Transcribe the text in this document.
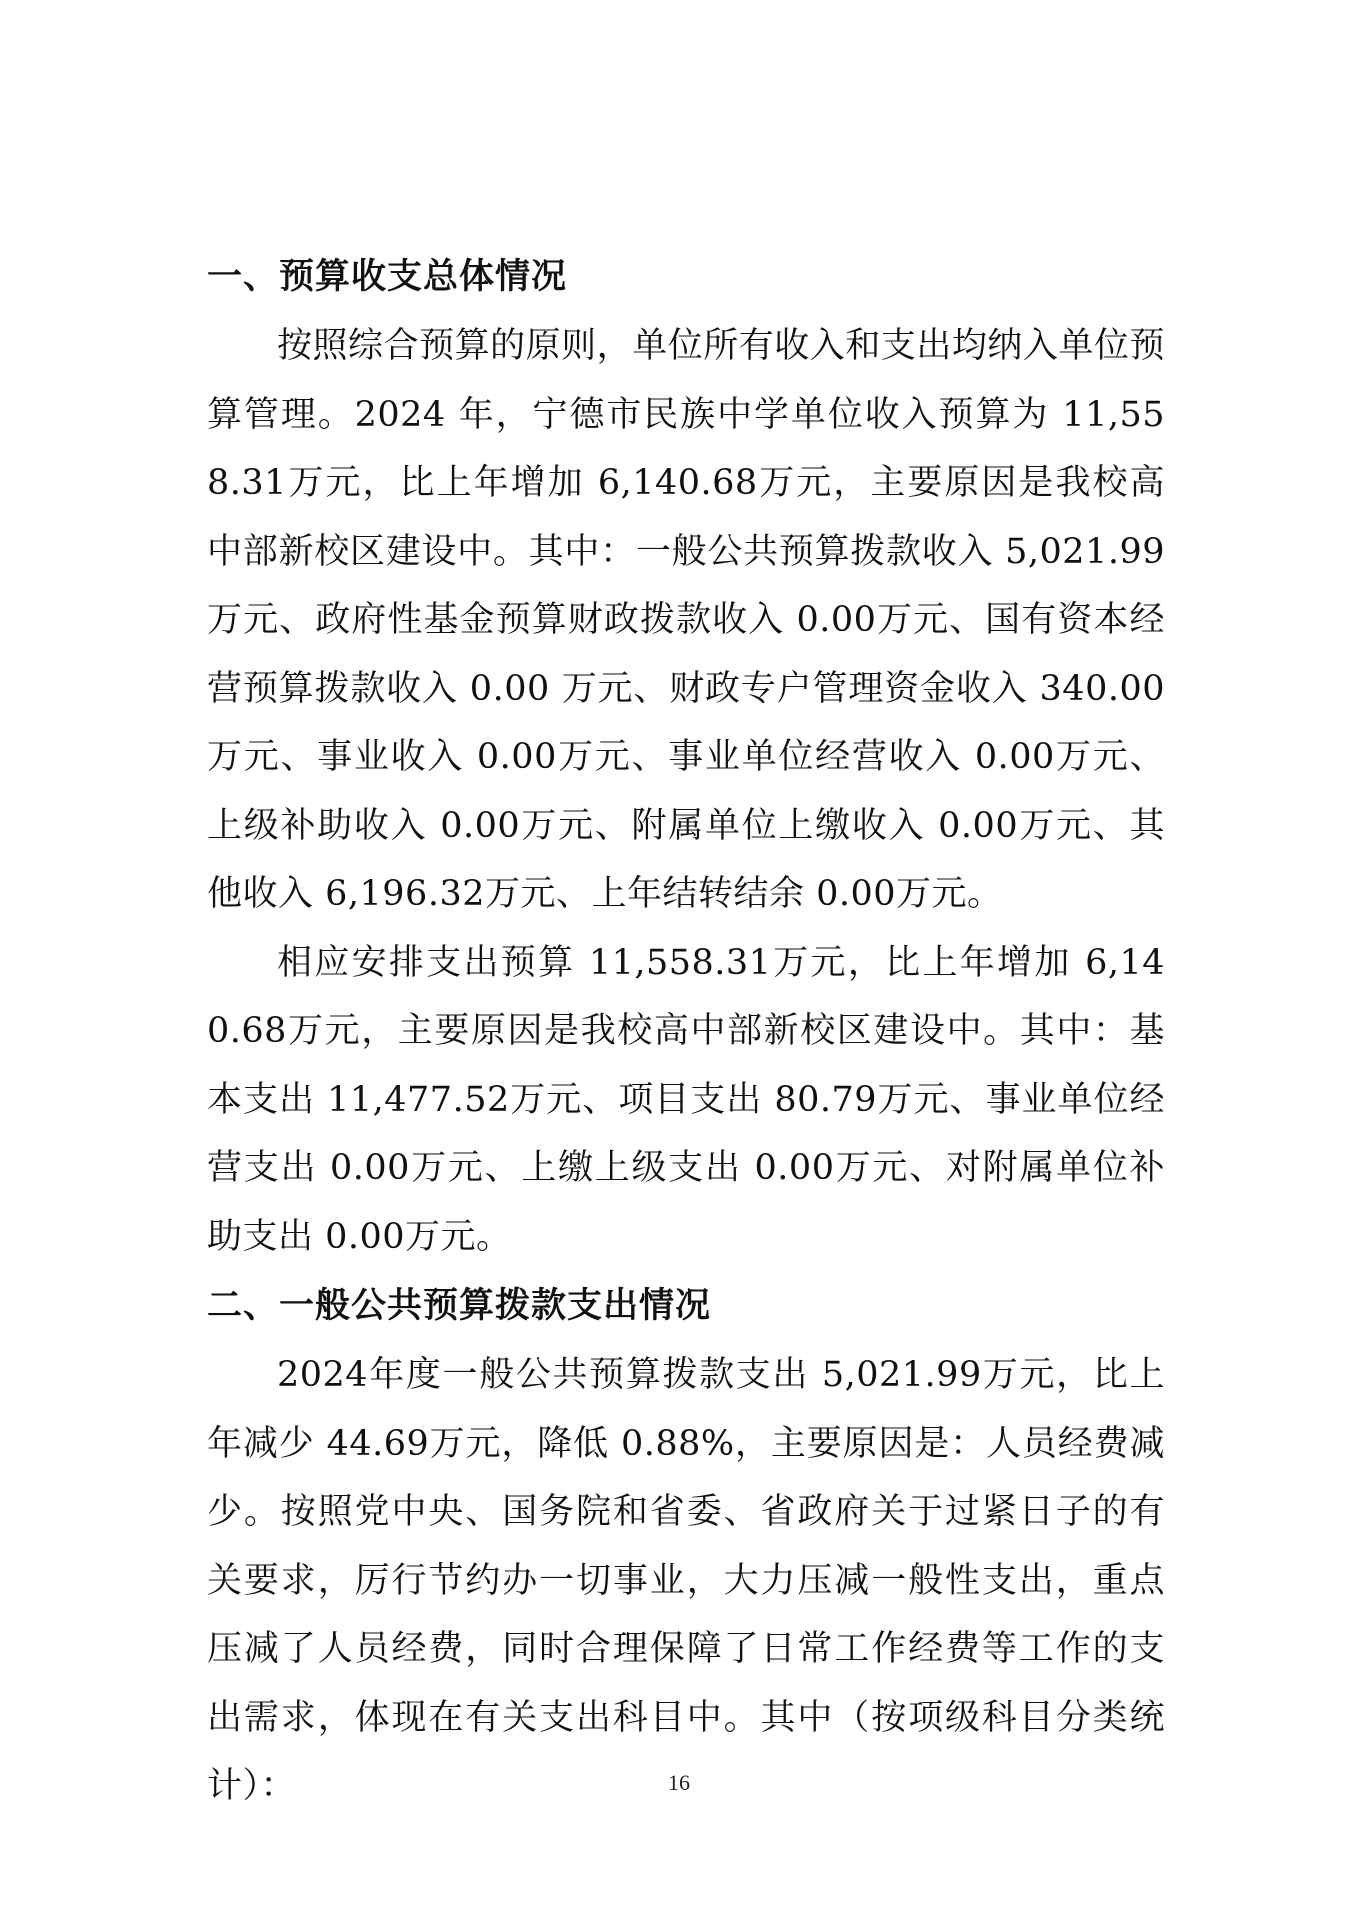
一、预算收支总体情况

按照综合预算的原则，单位所有收入和支出均纳入单位预算管理。2024 年，宁德市民族中学单位收入预算为 11,558.31万元，比上年增加 6,140.68万元，主要原因是我校高中部新校区建设中。其中：一般公共预算拨款收入 5,021.99万元、政府性基金预算财政拨款收入 0.00万元、国有资本经营预算拨款收入 0.00 万元、财政专户管理资金收入 340.00万元、事业收入 0.00万元、事业单位经营收入 0.00万元、上级补助收入 0.00万元、附属单位上缴收入 0.00万元、其他收入 6,196.32万元、上年结转结余 0.00万元。

相应安排支出预算 11,558.31万元，比上年增加 6,140.68万元，主要原因是我校高中部新校区建设中。其中：基本支出 11,477.52万元、项目支出 80.79万元、事业单位经营支出 0.00万元、上缴上级支出 0.00万元、对附属单位补助支出 0.00万元。

二、一般公共预算拨款支出情况

2024年度一般公共预算拨款支出 5,021.99万元，比上年减少 44.69万元，降低 0.88%，主要原因是：人员经费减少。按照党中央、国务院和省委、省政府关于过紧日子的有关要求，厉行节约办一切事业，大力压减一般性支出，重点压减了人员经费，同时合理保障了日常工作经费等工作的支出需求，体现在有关支出科目中。其中（按项级科目分类统计）：	16
